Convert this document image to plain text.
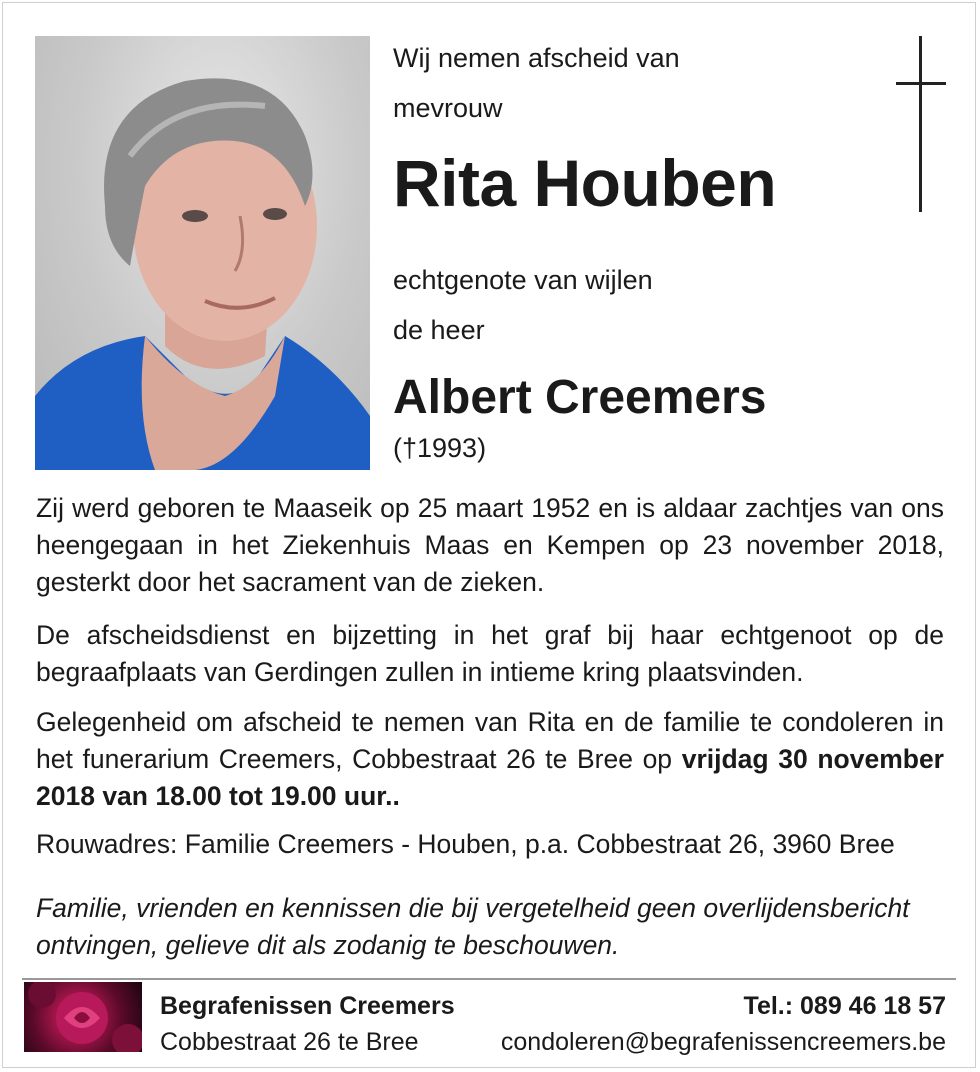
Wij nemen afscheid van
mevrouw
Rita Houben
echtgenote van wijlen
de heer
Albert Creemers
(†1993)

Zij werd geboren te Maaseik op 25 maart 1952 en is aldaar zachtjes van ons heengegaan in het Ziekenhuis Maas en Kempen op 23 november 2018, gesterkt door het sacrament van de zieken.

De afscheidsdienst en bijzetting in het graf bij haar echtgenoot op de begraafplaats van Gerdingen zullen in intieme kring plaatsvinden.

Gelegenheid om afscheid te nemen van Rita en de familie te condoleren in het funerarium Creemers, Cobbestraat 26 te Bree op vrijdag 30 november 2018 van 18.00 tot 19.00 uur..

Rouwadres: Familie Creemers - Houben, p.a. Cobbestraat 26, 3960 Bree

Familie, vrienden en kennissen die bij vergetelheid geen overlijdensbericht ontvingen, gelieve dit als zodanig te beschouwen.

Begrafenissen Creemers
Cobbestraat 26 te Bree
Tel.: 089 46 18 57
condoleren@begrafenissencreemers.be
